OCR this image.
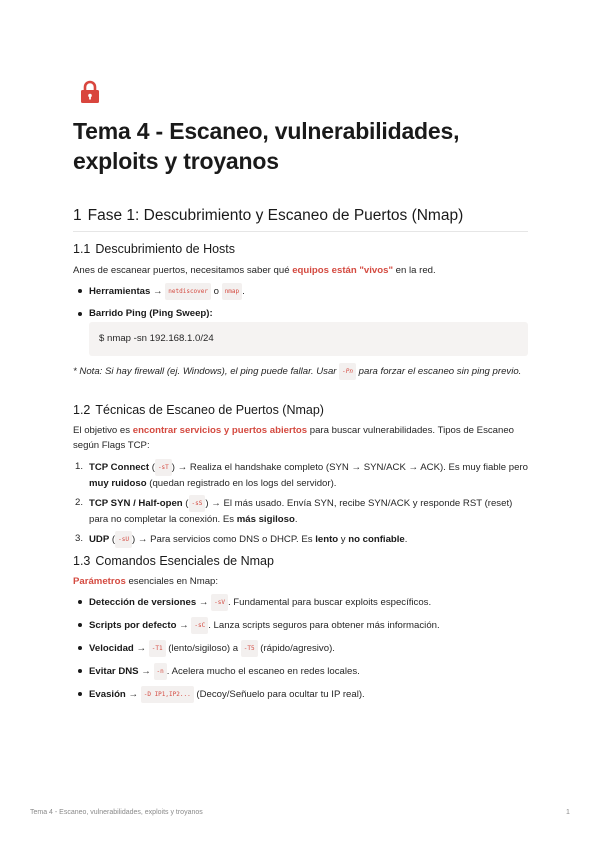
Tema 4 - Escaneo, vulnerabilidades, exploits y troyanos
1 Fase 1: Descubrimiento y Escaneo de Puertos (Nmap)
1.1 Descubrimiento de Hosts

Anes de escanear puertos, necesitamos saber qué equipos están "vivos" en la red.

Herramientas → netdiscover o nmap .
Barrido Ping (Ping Sweep):
$ nmap -sn 192.168.1.0/24

* Nota: Si hay firewall (ej. Windows), el ping puede fallar. Usar -Pn para forzar el escaneo sin ping previo.

1.2 Técnicas de Escaneo de Puertos (Nmap)

El objetivo es encontrar servicios y puertos abiertos para buscar vulnerabilidades. Tipos de Escaneo según Flags TCP:

1. TCP Connect ( -sT ) → Realiza el handshake completo (SYN → SYN/ACK → ACK). Es muy fiable pero muy ruidoso (quedan registrado en los logs del servidor).
2. TCP SYN / Half-open ( -sS ) → El más usado. Envía SYN, recibe SYN/ACK y responde RST (reset) para no completar la conexión. Es más sigiloso.
3. UDP ( -sU ) → Para servicios como DNS o DHCP. Es lento y no confiable.
1.3 Comandos Esenciales de Nmap

Parámetros esenciales en Nmap:

Detección de versiones → -sV . Fundamental para buscar exploits específicos.
Scripts por defecto → -sC . Lanza scripts seguros para obtener más información.
Velocidad → -T1 (lento/sigiloso) a -T5 (rápido/agresivo).
Evitar DNS → -n . Acelera mucho el escaneo en redes locales.
Evasión → -D IP1,IP2... (Decoy/Señuelo para ocultar tu IP real).
Tema 4 - Escaneo, vulnerabilidades, exploits y troyanos	1
